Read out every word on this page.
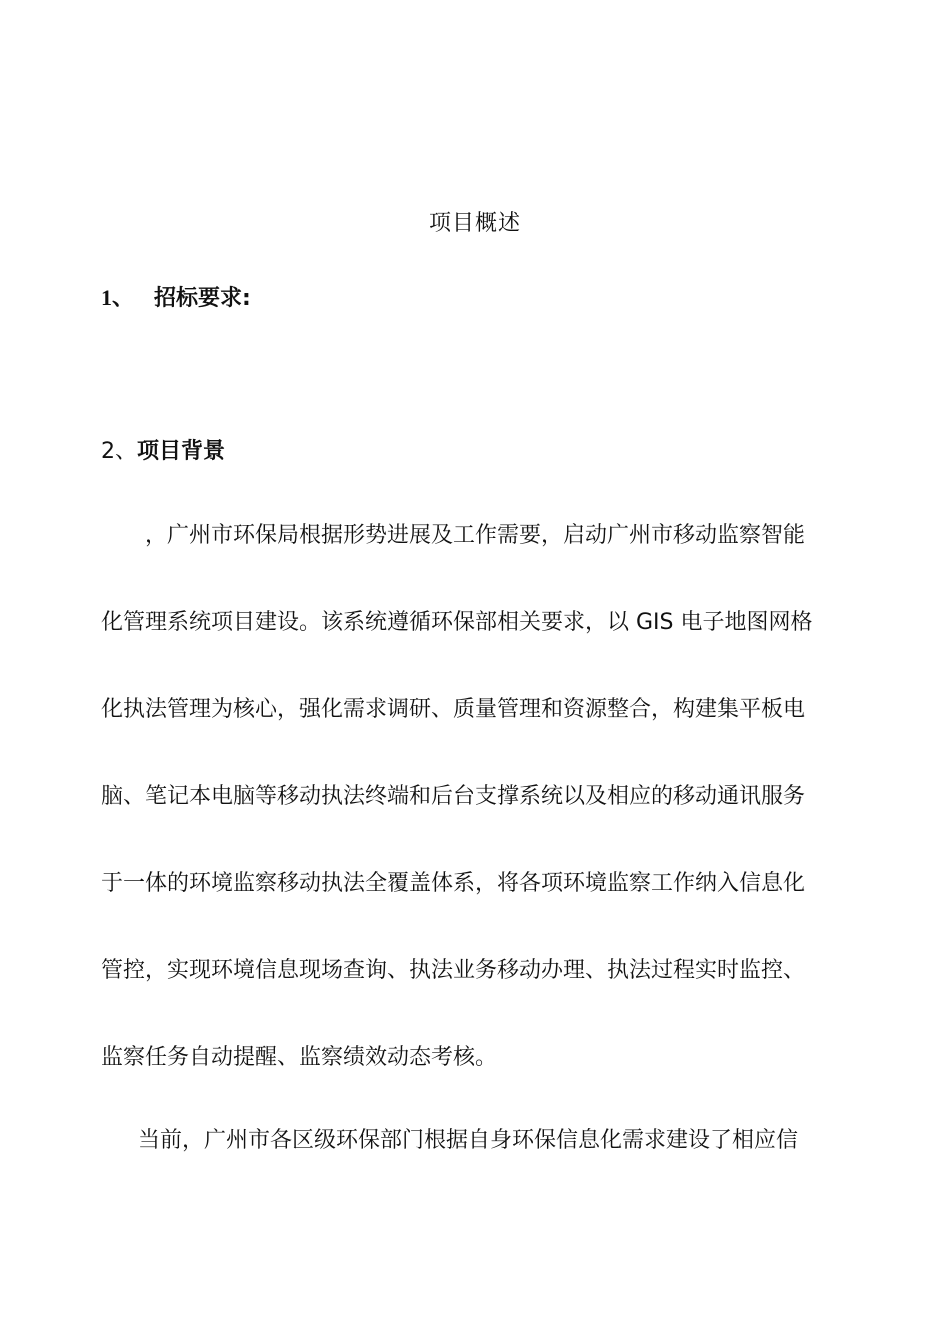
项目概述
1、 招标要求:
2、项目背景
，广州市环保局根据形势进展及工作需要，启动广州市移动监察智能
化管理系统项目建设。该系统遵循环保部相关要求，以 GIS 电子地图网格
化执法管理为核心，强化需求调研、质量管理和资源整合，构建集平板电
脑、笔记本电脑等移动执法终端和后台支撑系统以及相应的移动通讯服务
于一体的环境监察移动执法全覆盖体系，将各项环境监察工作纳入信息化
管控，实现环境信息现场查询、执法业务移动办理、执法过程实时监控、
监察任务自动提醒、监察绩效动态考核。
当前，广州市各区级环保部门根据自身环保信息化需求建设了相应信
